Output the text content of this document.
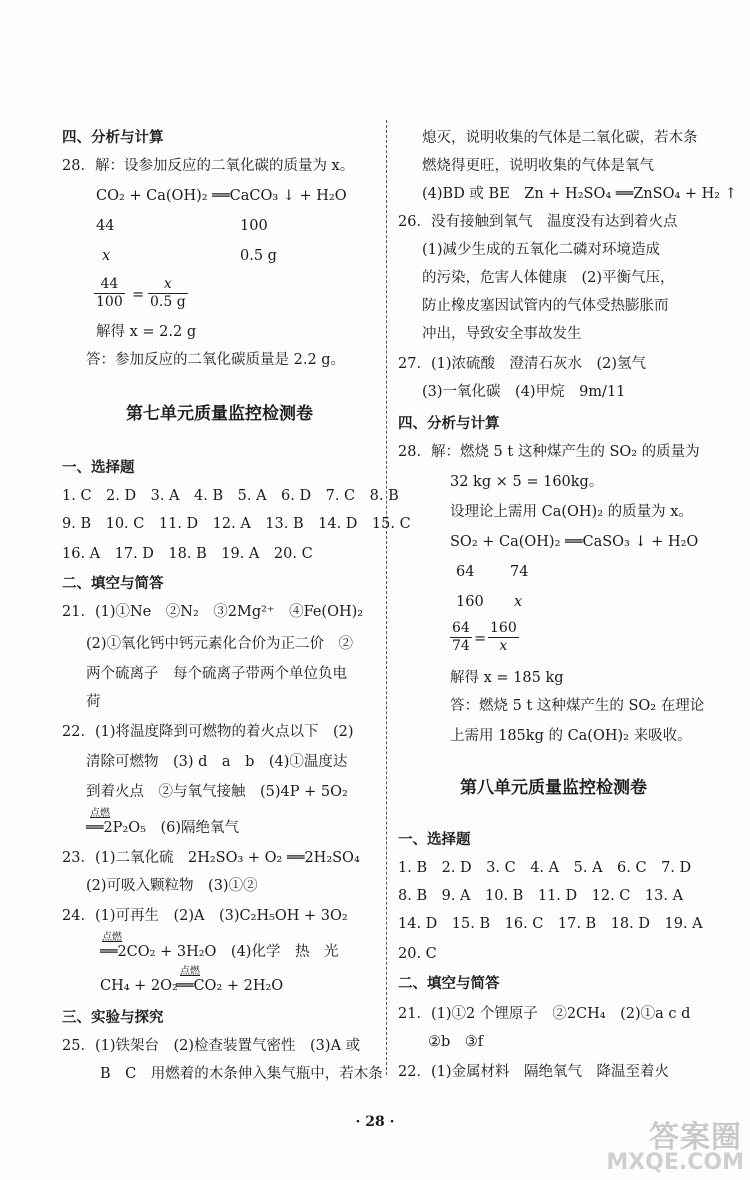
四、分析与计算
28．解：设参加反应的二氧化碳的质量为 x。
CO₂ + Ca(OH)₂ ══CaCO₃ ↓ + H₂O
44	100
x	0.5 g
$\frac{44}{100} = \frac{x}{0.5 g}$
解得 x = 2.2 g
答：参加反应的二氧化碳质量是 2.2 g。
第七单元质量监控检测卷
一、选择题
1. C　2. D　3. A　4. B　5. A　6. D　7. C　8. B
9. B　10. C　11. D　12. A　13. B　14. D　15. C
16. A　17. D　18. B　19. A　20. C
二、填空与简答
21．(1)①Ne　②N₂　③2Mg²⁺　④Fe(OH)₂
(2)①氧化钙中钙元素化合价为正二价　②
两个硫离子　每个硫离子带两个单位负电
荷
22．(1)将温度降到可燃物的着火点以下　(2)
清除可燃物　(3) d　a　b　(4)①温度达
到着火点　②与氧气接触　(5)4P + 5O₂
点燃
══2P₂O₅　(6)隔绝氧气
23．(1)二氧化硫　2H₂SO₃ + O₂ ══2H₂SO₄
(2)可吸入颗粒物　(3)①②
24．(1)可再生　(2)A　(3)C₂H₅OH + 3O₂
点燃
══2CO₂ + 3H₂O　(4)化学　热　光
CH₄ + 2O₂
点燃
══CO₂ + 2H₂O
三、实验与探究
25．(1)铁架台　(2)检查装置气密性　(3)A 或
B　C　用燃着的木条伸入集气瓶中，若木条
熄灭，说明收集的气体是二氧化碳，若木条
燃烧得更旺，说明收集的气体是氧气
(4)BD 或 BE　Zn + H₂SO₄ ══ZnSO₄ + H₂ ↑
26．没有接触到氧气　温度没有达到着火点
(1)减少生成的五氧化二磷对环境造成
的污染，危害人体健康　(2)平衡气压，
防止橡皮塞因试管内的气体受热膨胀而
冲出，导致安全事故发生
27．(1)浓硫酸　澄清石灰水　(2)氢气
(3)一氧化碳　(4)甲烷　9m/11
四、分析与计算
28．解：燃烧 5 t 这种煤产生的 SO₂ 的质量为
32 kg × 5 = 160kg。
设理论上需用 Ca(OH)₂ 的质量为 x。
SO₂ + Ca(OH)₂ ══CaSO₃ ↓ + H₂O
64 74
160 x
$\frac{64}{74} = \frac{160}{x}$
解得 x = 185 kg
答：燃烧 5 t 这种煤产生的 SO₂ 在理论
上需用 185kg 的 Ca(OH)₂ 来吸收。
第八单元质量监控检测卷
一、选择题
1. B　2. D　3. C　4. A　5. A　6. C　7. D
8. B　9. A　10. B　11. D　12. C　13. A
14. D　15. B　16. C　17. B　18. D　19. A
20. C
二、填空与简答
21．(1)①2 个锂原子　②2CH₄　(2)①a c d
②b　③f
22．(1)金属材料　隔绝氧气　降温至着火
· 28 ·	答案圈
MXQE.COM
